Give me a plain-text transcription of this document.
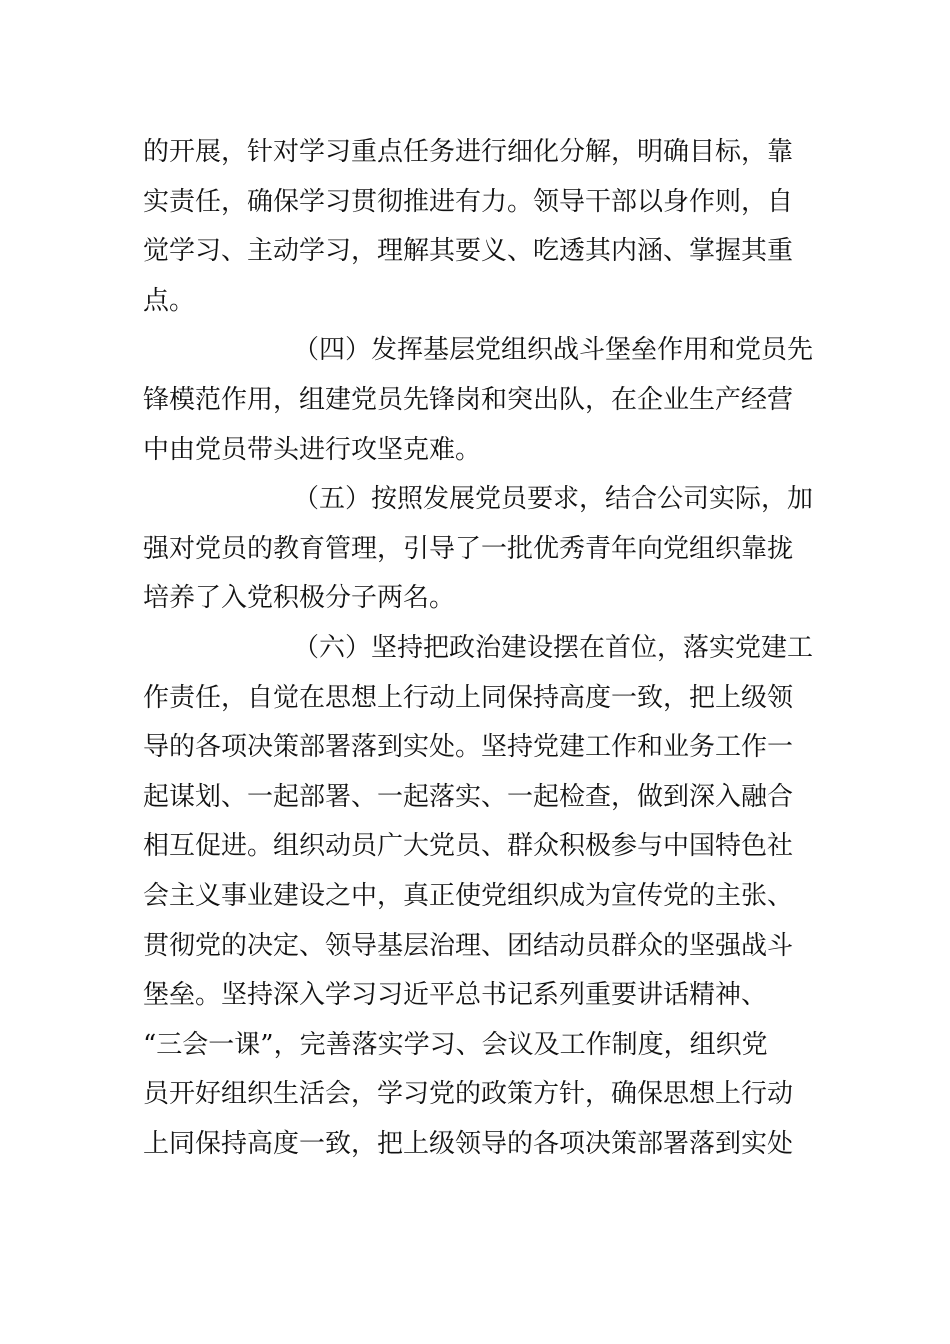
的开展，针对学习重点任务进行细化分解，明确目标，靠
实责任，确保学习贯彻推进有力。领导干部以身作则，自
觉学习、主动学习，理解其要义、吃透其内涵、掌握其重
点。
（四）发挥基层党组织战斗堡垒作用和党员先
锋模范作用，组建党员先锋岗和突出队，在企业生产经营
中由党员带头进行攻坚克难。
（五）按照发展党员要求，结合公司实际，加
强对党员的教育管理，引导了一批优秀青年向党组织靠拢
培养了入党积极分子两名。
（六）坚持把政治建设摆在首位，落实党建工
作责任，自觉在思想上行动上同保持高度一致，把上级领
导的各项决策部署落到实处。坚持党建工作和业务工作一
起谋划、一起部署、一起落实、一起检查，做到深入融合
相互促进。组织动员广大党员、群众积极参与中国特色社
会主义事业建设之中，真正使党组织成为宣传党的主张、
贯彻党的决定、领导基层治理、团结动员群众的坚强战斗
堡垒。坚持深入学习习近平总书记系列重要讲话精神、
“三会一课”，完善落实学习、会议及工作制度，组织党
员开好组织生活会，学习党的政策方针，确保思想上行动
上同保持高度一致，把上级领导的各项决策部署落到实处
